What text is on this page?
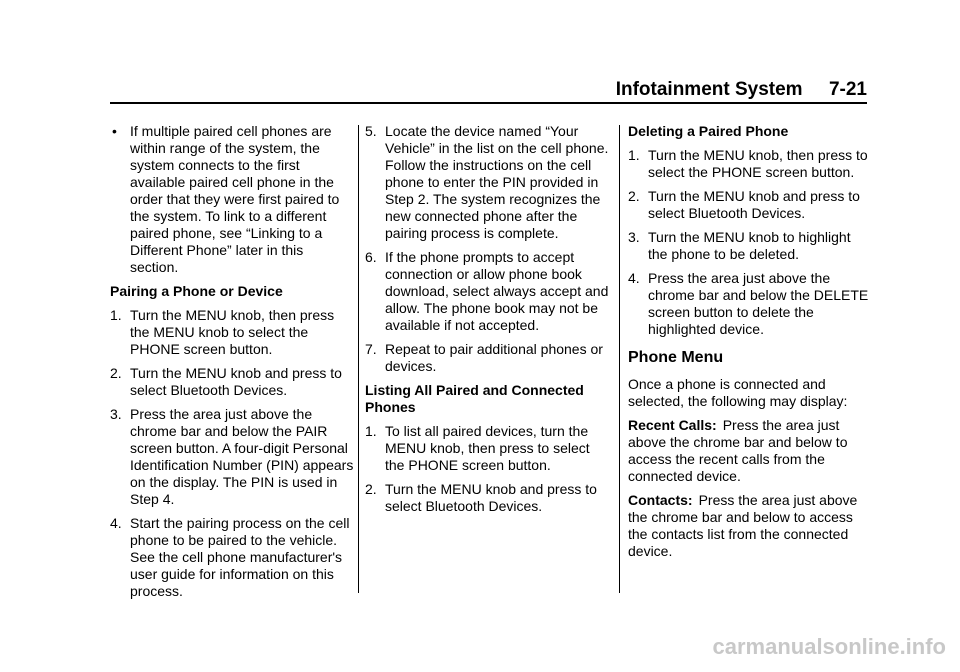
Infotainment System     7-21
• If multiple paired cell phones are within range of the system, the system connects to the first available paired cell phone in the order that they were first paired to the system. To link to a different paired phone, see “Linking to a Different Phone” later in this section.

Pairing a Phone or Device

1. Turn the MENU knob, then press the MENU knob to select the PHONE screen button.
2. Turn the MENU knob and press to select Bluetooth Devices.
3. Press the area just above the chrome bar and below the PAIR screen button. A four-digit Personal Identification Number (PIN) appears on the display. The PIN is used in Step 4.
4. Start the pairing process on the cell phone to be paired to the vehicle. See the cell phone manufacturer's user guide for information on this process.
5. Locate the device named “Your Vehicle” in the list on the cell phone. Follow the instructions on the cell phone to enter the PIN provided in Step 2. The system recognizes the new connected phone after the pairing process is complete.
6. If the phone prompts to accept connection or allow phone book download, select always accept and allow. The phone book may not be available if not accepted.
7. Repeat to pair additional phones or devices.

Listing All Paired and Connected Phones

1. To list all paired devices, turn the MENU knob, then press to select the PHONE screen button.
2. Turn the MENU knob and press to select Bluetooth Devices.

Deleting a Paired Phone

1. Turn the MENU knob, then press to select the PHONE screen button.
2. Turn the MENU knob and press to select Bluetooth Devices.
3. Turn the MENU knob to highlight the phone to be deleted.
4. Press the area just above the chrome bar and below the DELETE screen button to delete the highlighted device.

Phone Menu

Once a phone is connected and selected, the following may display:

Recent Calls: Press the area just above the chrome bar and below to access the recent calls from the connected device.

Contacts: Press the area just above the chrome bar and below to access the contacts list from the connected device.

carmanualsonline.info
